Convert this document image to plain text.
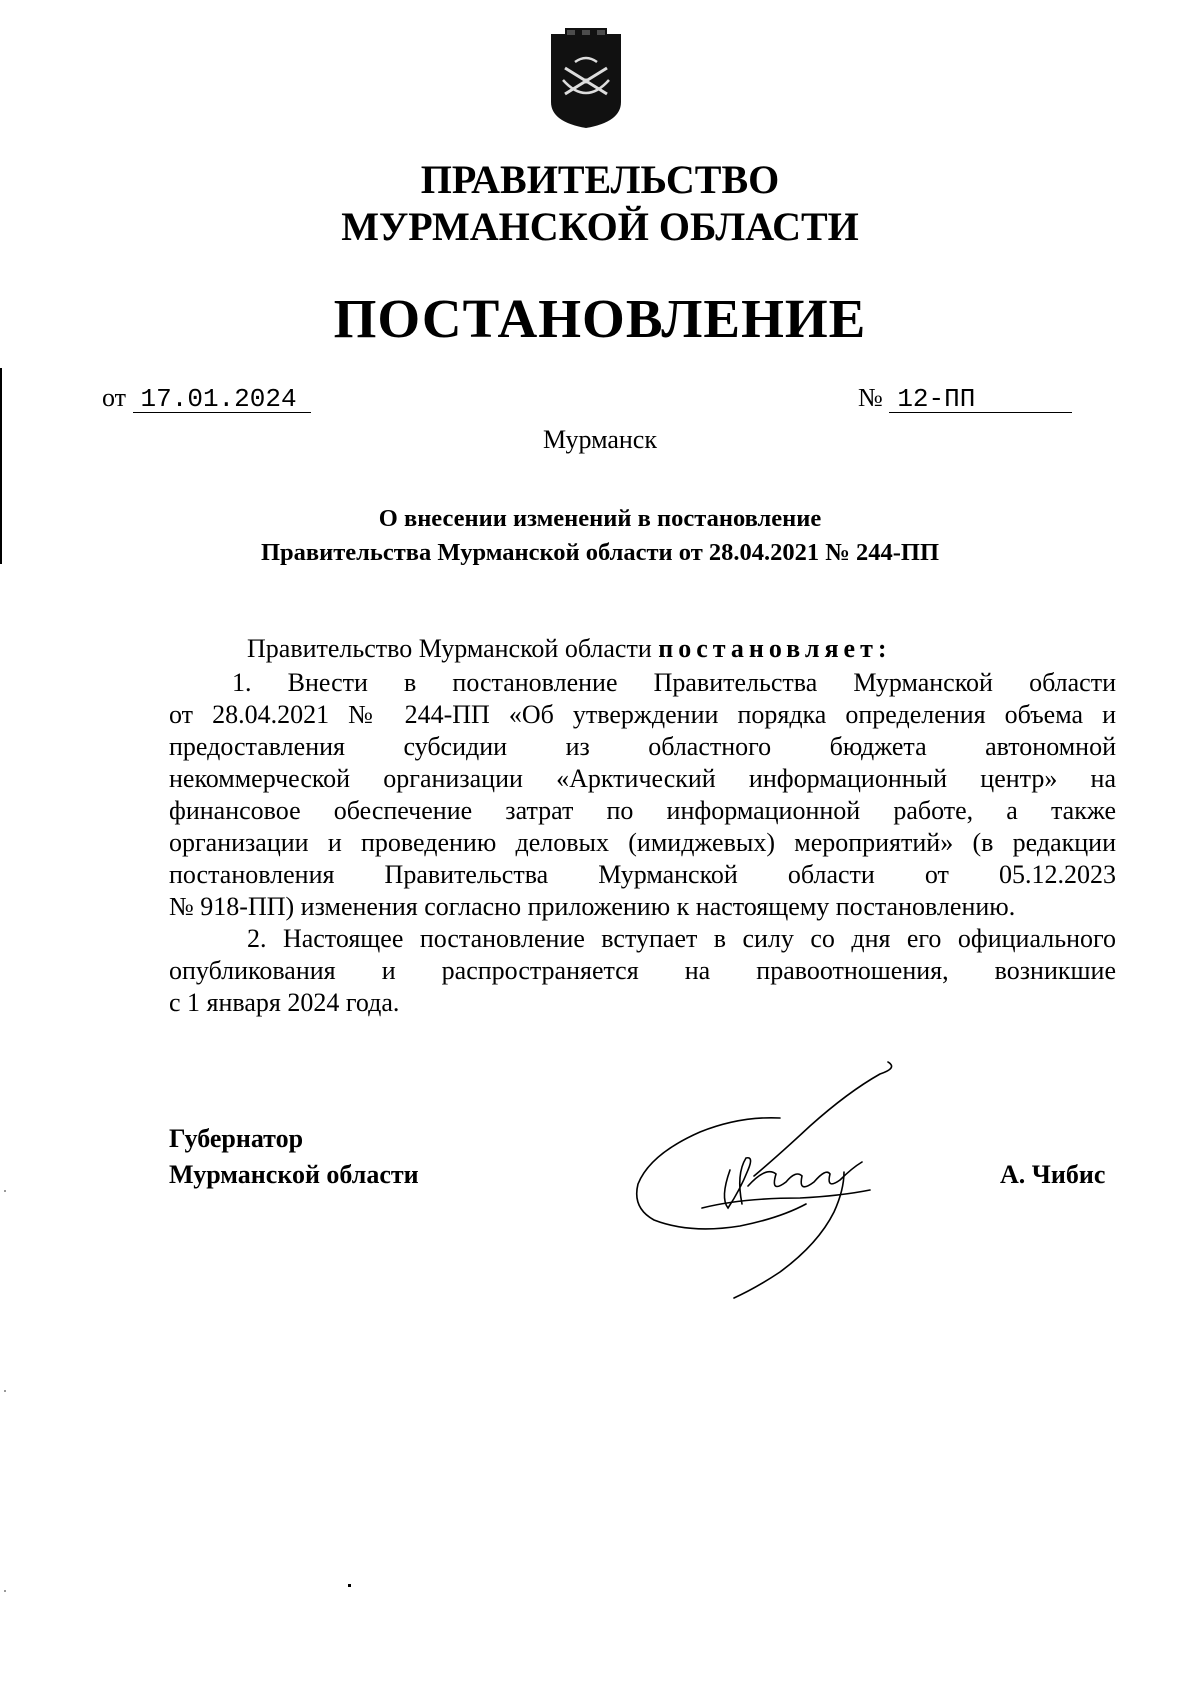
ПРАВИТЕЛЬСТВО
МУРМАНСКОЙ ОБЛАСТИ
ПОСТАНОВЛЕНИЕ
от 17.01.2024	№ 12-ПП
Мурманск
О внесении изменений в постановление
Правительства Мурманской области от 28.04.2021 № 244-ПП
Правительство Мурманской области постановляет:
1. Внести в постановление Правительства Мурманской области
от 28.04.2021 № 244-ПП «Об утверждении порядка определения объема и
предоставления субсидии из областного бюджета автономной
некоммерческой организации «Арктический информационный центр» на
финансовое обеспечение затрат по информационной работе, а также
организации и проведению деловых (имиджевых) мероприятий» (в редакции
постановления Правительства Мурманской области от 05.12.2023
№ 918-ПП) изменения согласно приложению к настоящему постановлению.
2. Настоящее постановление вступает в силу со дня его официального
опубликования и распространяется на правоотношения, возникшие
с 1 января 2024 года.
Губернатор
Мурманской области	А. Чибис
